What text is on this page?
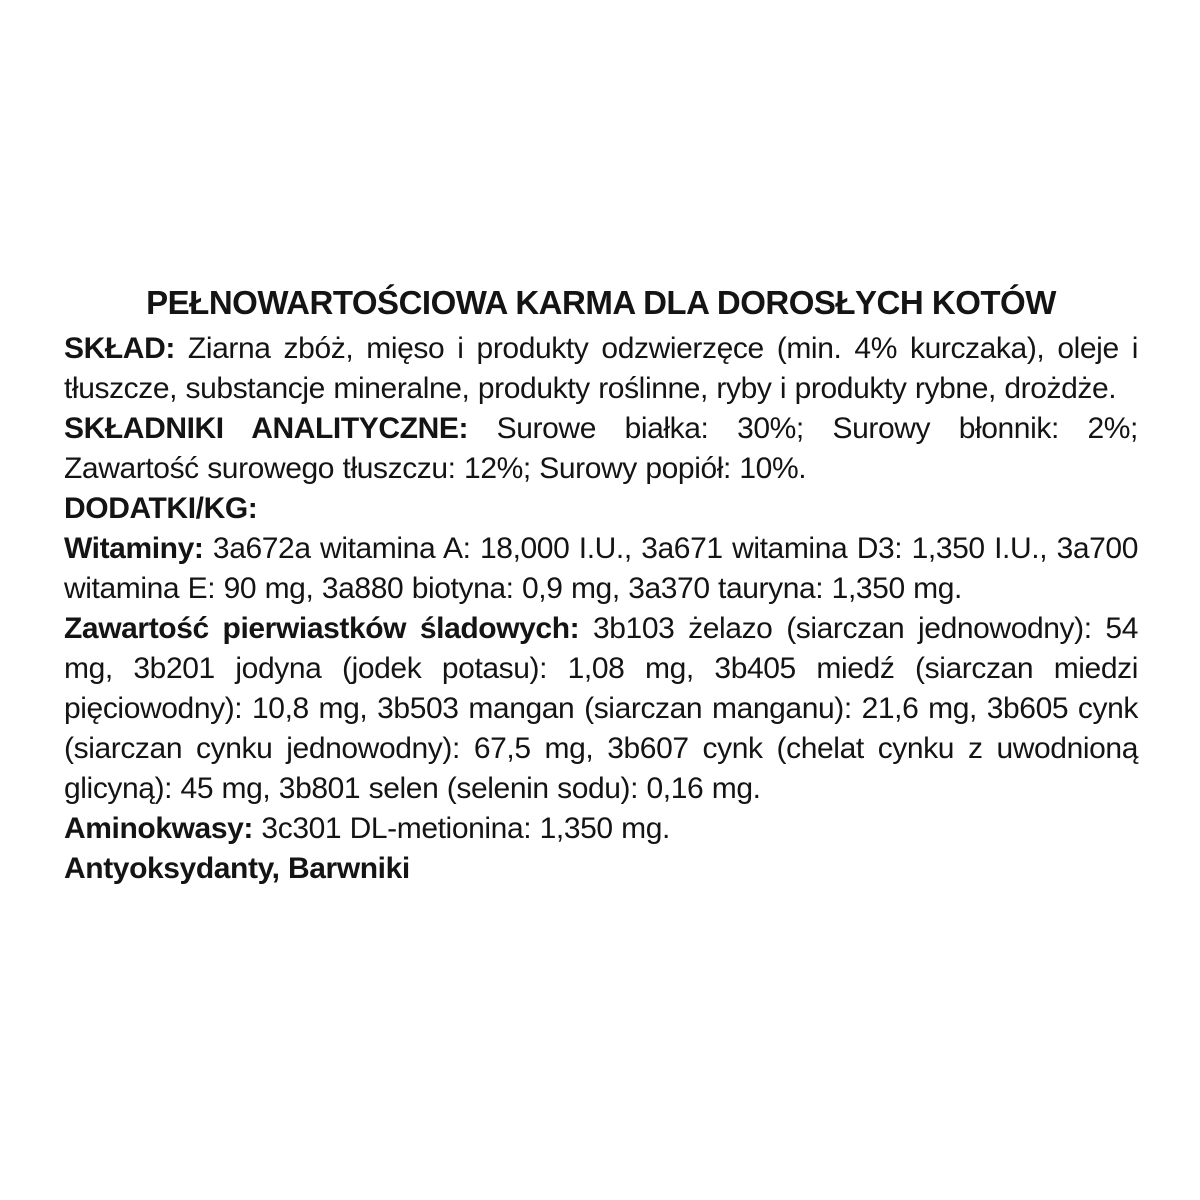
PEŁNOWARTOŚCIOWA KARMA DLA DOROSŁYCH KOTÓW

SKŁAD: Ziarna zbóż, mięso i produkty odzwierzęce (min. 4% kurczaka), oleje i tłuszcze, substancje mineralne, produkty roślinne, ryby i produkty rybne, drożdże.

SKŁADNIKI ANALITYCZNE: Surowe białka: 30%; Surowy błonnik: 2%; Zawartość surowego tłuszczu: 12%; Surowy popiół: 10%.

DODATKI/KG:

Witaminy: 3a672a witamina A: 18,000 I.U., 3a671 witamina D3: 1,350 I.U., 3a700 witamina E: 90 mg, 3a880 biotyna: 0,9 mg, 3a370 tauryna: 1,350 mg.

Zawartość pierwiastków śladowych: 3b103 żelazo (siarczan jednowodny): 54 mg, 3b201 jodyna (jodek potasu): 1,08 mg, 3b405 miedź (siarczan miedzi pięciowodny): 10,8 mg, 3b503 mangan (siarczan manganu): 21,6 mg, 3b605 cynk (siarczan cynku jednowodny): 67,5 mg, 3b607 cynk (chelat cynku z uwodnioną glicyną): 45 mg, 3b801 selen (selenin sodu): 0,16 mg.

Aminokwasy: 3c301 DL-metionina: 1,350 mg.

Antyoksydanty, Barwniki
